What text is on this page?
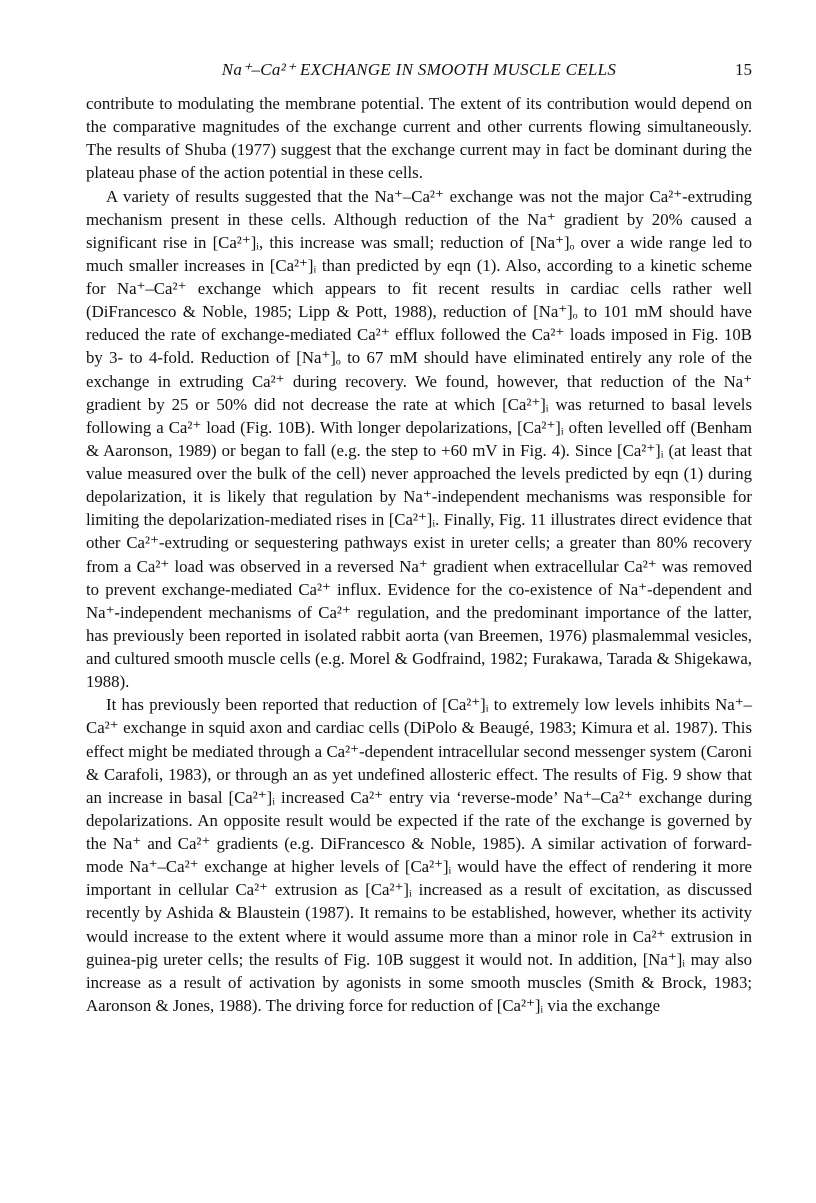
Na⁺–Ca²⁺ EXCHANGE IN SMOOTH MUSCLE CELLS	15

contribute to modulating the membrane potential. The extent of its contribution would depend on the comparative magnitudes of the exchange current and other currents flowing simultaneously. The results of Shuba (1977) suggest that the exchange current may in fact be dominant during the plateau phase of the action potential in these cells.

A variety of results suggested that the Na⁺–Ca²⁺ exchange was not the major Ca²⁺-extruding mechanism present in these cells. Although reduction of the Na⁺ gradient by 20% caused a significant rise in [Ca²⁺]ᵢ, this increase was small; reduction of [Na⁺]ₒ over a wide range led to much smaller increases in [Ca²⁺]ᵢ than predicted by eqn (1). Also, according to a kinetic scheme for Na⁺–Ca²⁺ exchange which appears to fit recent results in cardiac cells rather well (DiFrancesco & Noble, 1985; Lipp & Pott, 1988), reduction of [Na⁺]ₒ to 101 mM should have reduced the rate of exchange-mediated Ca²⁺ efflux followed the Ca²⁺ loads imposed in Fig. 10B by 3- to 4-fold. Reduction of [Na⁺]ₒ to 67 mM should have eliminated entirely any role of the exchange in extruding Ca²⁺ during recovery. We found, however, that reduction of the Na⁺ gradient by 25 or 50% did not decrease the rate at which [Ca²⁺]ᵢ was returned to basal levels following a Ca²⁺ load (Fig. 10B). With longer depolarizations, [Ca²⁺]ᵢ often levelled off (Benham & Aaronson, 1989) or began to fall (e.g. the step to +60 mV in Fig. 4). Since [Ca²⁺]ᵢ (at least that value measured over the bulk of the cell) never approached the levels predicted by eqn (1) during depolarization, it is likely that regulation by Na⁺-independent mechanisms was responsible for limiting the depolarization-mediated rises in [Ca²⁺]ᵢ. Finally, Fig. 11 illustrates direct evidence that other Ca²⁺-extruding or sequestering pathways exist in ureter cells; a greater than 80% recovery from a Ca²⁺ load was observed in a reversed Na⁺ gradient when extracellular Ca²⁺ was removed to prevent exchange-mediated Ca²⁺ influx. Evidence for the co-existence of Na⁺-dependent and Na⁺-independent mechanisms of Ca²⁺ regulation, and the predominant importance of the latter, has previously been reported in isolated rabbit aorta (van Breemen, 1976) plasmalemmal vesicles, and cultured smooth muscle cells (e.g. Morel & Godfraind, 1982; Furakawa, Tarada & Shigekawa, 1988).

It has previously been reported that reduction of [Ca²⁺]ᵢ to extremely low levels inhibits Na⁺–Ca²⁺ exchange in squid axon and cardiac cells (DiPolo & Beaugé, 1983; Kimura et al. 1987). This effect might be mediated through a Ca²⁺-dependent intracellular second messenger system (Caroni & Carafoli, 1983), or through an as yet undefined allosteric effect. The results of Fig. 9 show that an increase in basal [Ca²⁺]ᵢ increased Ca²⁺ entry via ‘reverse-mode’ Na⁺–Ca²⁺ exchange during depolarizations. An opposite result would be expected if the rate of the exchange is governed by the Na⁺ and Ca²⁺ gradients (e.g. DiFrancesco & Noble, 1985). A similar activation of forward-mode Na⁺–Ca²⁺ exchange at higher levels of [Ca²⁺]ᵢ would have the effect of rendering it more important in cellular Ca²⁺ extrusion as [Ca²⁺]ᵢ increased as a result of excitation, as discussed recently by Ashida & Blaustein (1987). It remains to be established, however, whether its activity would increase to the extent where it would assume more than a minor role in Ca²⁺ extrusion in guinea-pig ureter cells; the results of Fig. 10B suggest it would not. In addition, [Na⁺]ᵢ may also increase as a result of activation by agonists in some smooth muscles (Smith & Brock, 1983; Aaronson & Jones, 1988). The driving force for reduction of [Ca²⁺]ᵢ via the exchange
